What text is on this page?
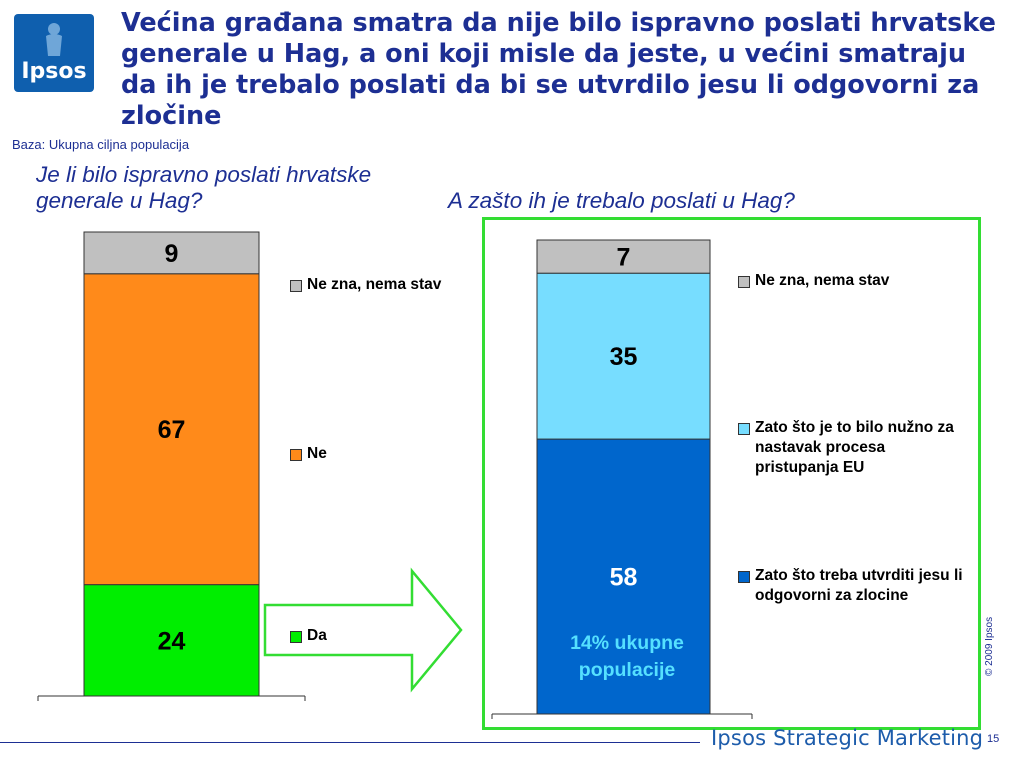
Ipsos
Većina građana smatra da nije bilo ispravno poslati hrvatske generale u Hag, a oni koji misle da jeste, u većini smatraju da ih je trebalo poslati da bi se utvrdilo jesu li odgovorni za zločine
Baza: Ukupna ciljna populacija
Je li bilo ispravno poslati hrvatske generale u Hag?	A zašto ih je trebalo poslati u Hag?
24
67
9
58
35
7
Da
Ne
Ne zna, nema stav
Zato što treba utvrditi jesu li odgovorni za zlocine
Zato što je to bilo nužno za nastavak procesa pristupanja EU
Ne zna, nema stav
14% ukupne populacije
Ipsos Strategic Marketing
© 2009 Ipsos
15
